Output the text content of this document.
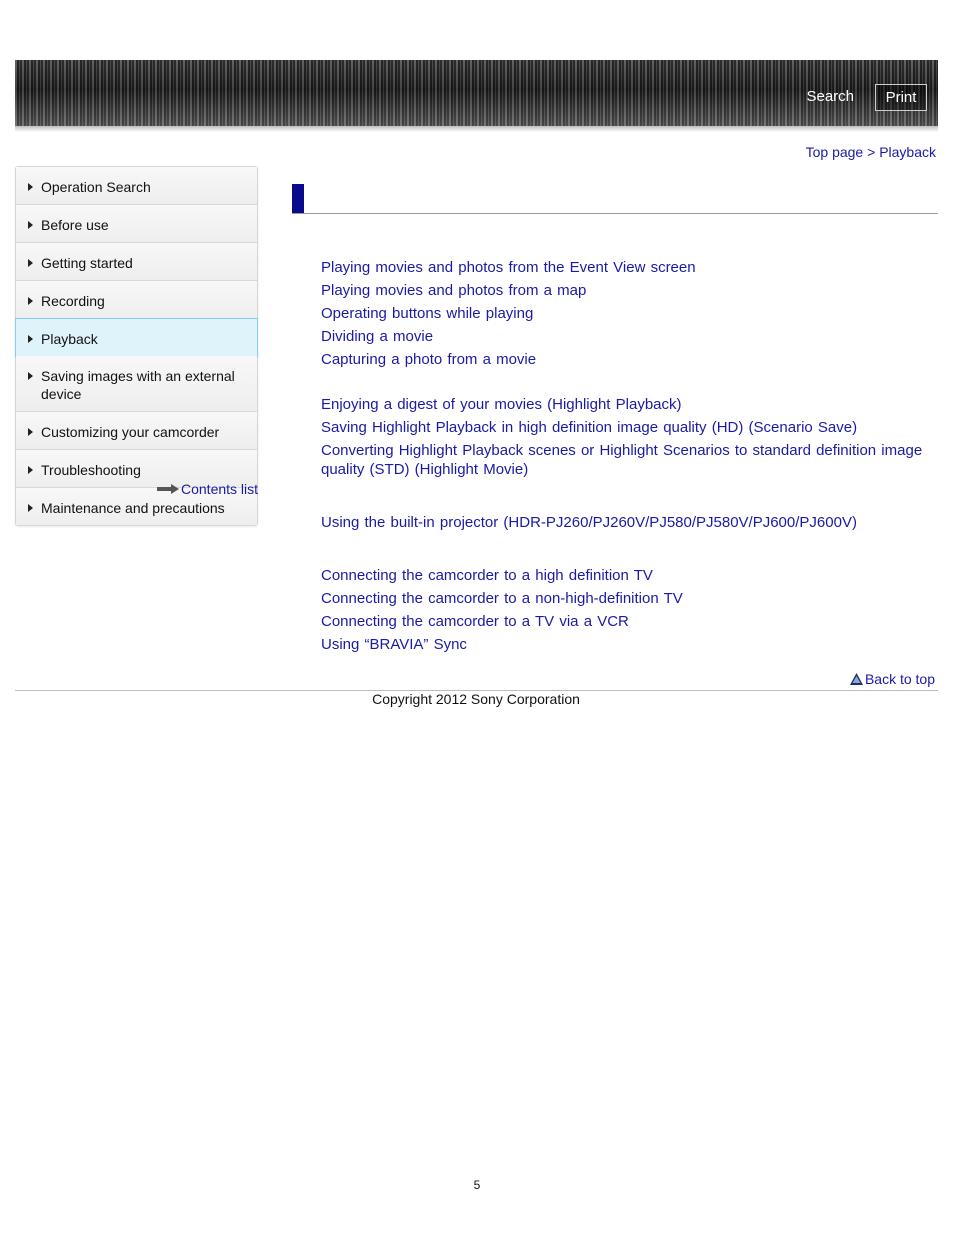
Search	Print
Top page > Playback
Operation Search
Before use
Getting started
Recording
Playback
Saving images with an external device
Customizing your camcorder
Troubleshooting
Maintenance and precautions
Contents list
Playing movies and photos from the Event View screen
Playing movies and photos from a map
Operating buttons while playing
Dividing a movie
Capturing a photo from a movie
Enjoying a digest of your movies (Highlight Playback)
Saving Highlight Playback in high definition image quality (HD) (Scenario Save)
Converting Highlight Playback scenes or Highlight Scenarios to standard definition image quality (STD) (Highlight Movie)
Using the built-in projector (HDR-PJ260/PJ260V/PJ580/PJ580V/PJ600/PJ600V)
Connecting the camcorder to a high definition TV
Connecting the camcorder to a non-high-definition TV
Connecting the camcorder to a TV via a VCR
Using “BRAVIA” Sync
Back to top
Copyright 2012 Sony Corporation
5
